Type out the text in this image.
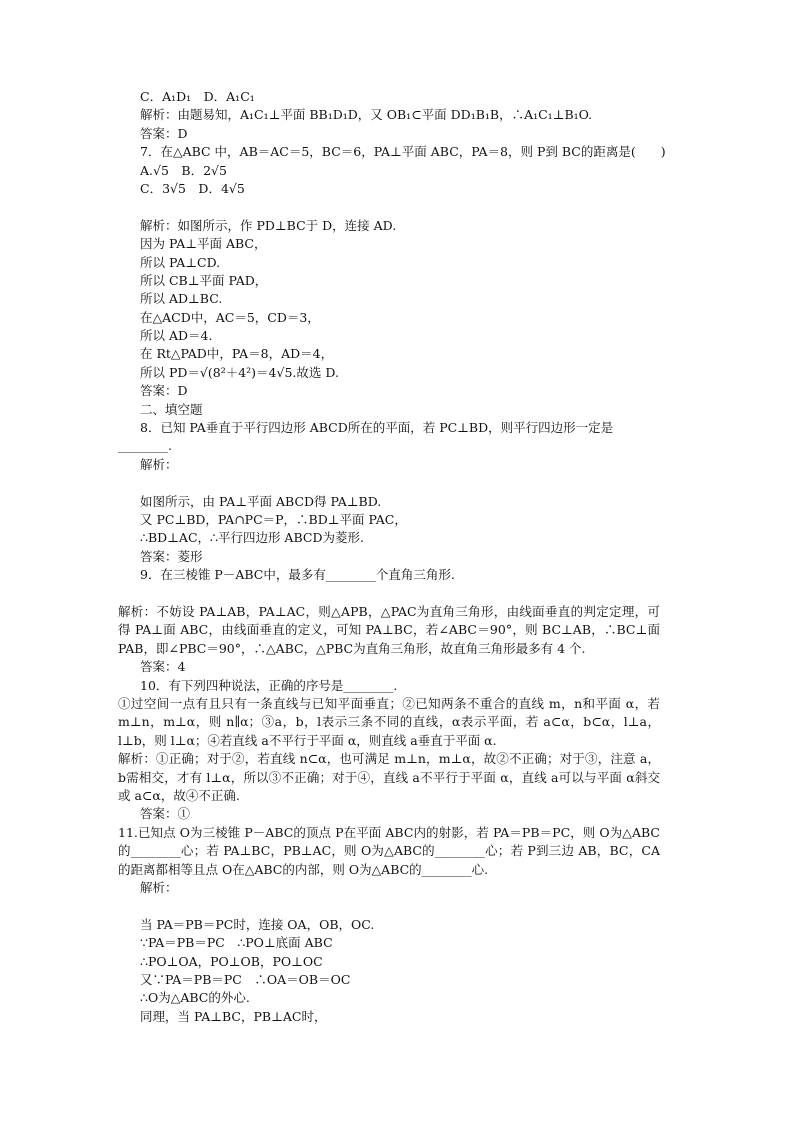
C．A₁D₁　D．A₁C₁
解析：由题易知，A₁C₁⊥平面 BB₁D₁D，又 OB₁⊂平面 DD₁B₁B，∴A₁C₁⊥B₁O.
答案：D
7．在△ABC 中，AB＝AC＝5，BC＝6，PA⊥平面 ABC，PA＝8，则 P到 BC的距离是(　　)
A.√5　B．2√5
C．3√5　D．4√5
解析：如图所示，作 PD⊥BC于 D，连接 AD.
因为 PA⊥平面 ABC，
所以 PA⊥CD.
所以 CB⊥平面 PAD，
所以 AD⊥BC.
在△ACD中，AC＝5，CD＝3，
所以 AD＝4.
在 Rt△PAD中，PA＝8，AD＝4，
所以 PD＝√(8²＋4²)＝4√5.故选 D.
答案：D
二、填空题
8．已知 PA垂直于平行四边形 ABCD所在的平面，若 PC⊥BD，则平行四边形一定是
________.
解析：
如图所示，由 PA⊥平面 ABCD得 PA⊥BD.
又 PC⊥BD，PA∩PC＝P，∴BD⊥平面 PAC，
∴BD⊥AC，∴平行四边形 ABCD为菱形.
答案：菱形
9．在三棱锥 P－ABC中，最多有________个直角三角形.
解析：不妨设 PA⊥AB，PA⊥AC，则△APB，△PAC为直角三角形，由线面垂直的判定定理，可得 PA⊥面 ABC，由线面垂直的定义，可知 PA⊥BC，若∠ABC＝90°，则 BC⊥AB，∴BC⊥面 PAB，即∠PBC＝90°，∴△ABC，△PBC为直角三角形，故直角三角形最多有 4 个.
答案：4
10．有下列四种说法，正确的序号是________.
①过空间一点有且只有一条直线与已知平面垂直；②已知两条不重合的直线 m，n和平面 α，若 m⊥n，m⊥α，则 n∥α；③a，b，l表示三条不同的直线，α表示平面，若 a⊂α，b⊂α，l⊥a，l⊥b，则 l⊥α；④若直线 a不平行于平面 α，则直线 a垂直于平面 α.
解析：①正确；对于②，若直线 n⊂α，也可满足 m⊥n，m⊥α，故②不正确；对于③，注意 a，b需相交，才有 l⊥α，所以③不正确；对于④，直线 a不平行于平面 α，直线 a可以与平面 α斜交或 a⊂α，故④不正确.
答案：①
11.已知点 O为三棱锥 P－ABC的顶点 P在平面 ABC内的射影，若 PA＝PB＝PC，则 O为△ABC的________心；若 PA⊥BC，PB⊥AC，则 O为△ABC的________心；若 P到三边 AB，BC，CA的距离都相等且点 O在△ABC的内部，则 O为△ABC的________心.
解析：
当 PA＝PB＝PC时，连接 OA，OB，OC.
∵PA＝PB＝PC　∴PO⊥底面 ABC
∴PO⊥OA，PO⊥OB，PO⊥OC
又∵PA＝PB＝PC　∴OA＝OB＝OC
∴O为△ABC的外心.
同理，当 PA⊥BC，PB⊥AC时，
